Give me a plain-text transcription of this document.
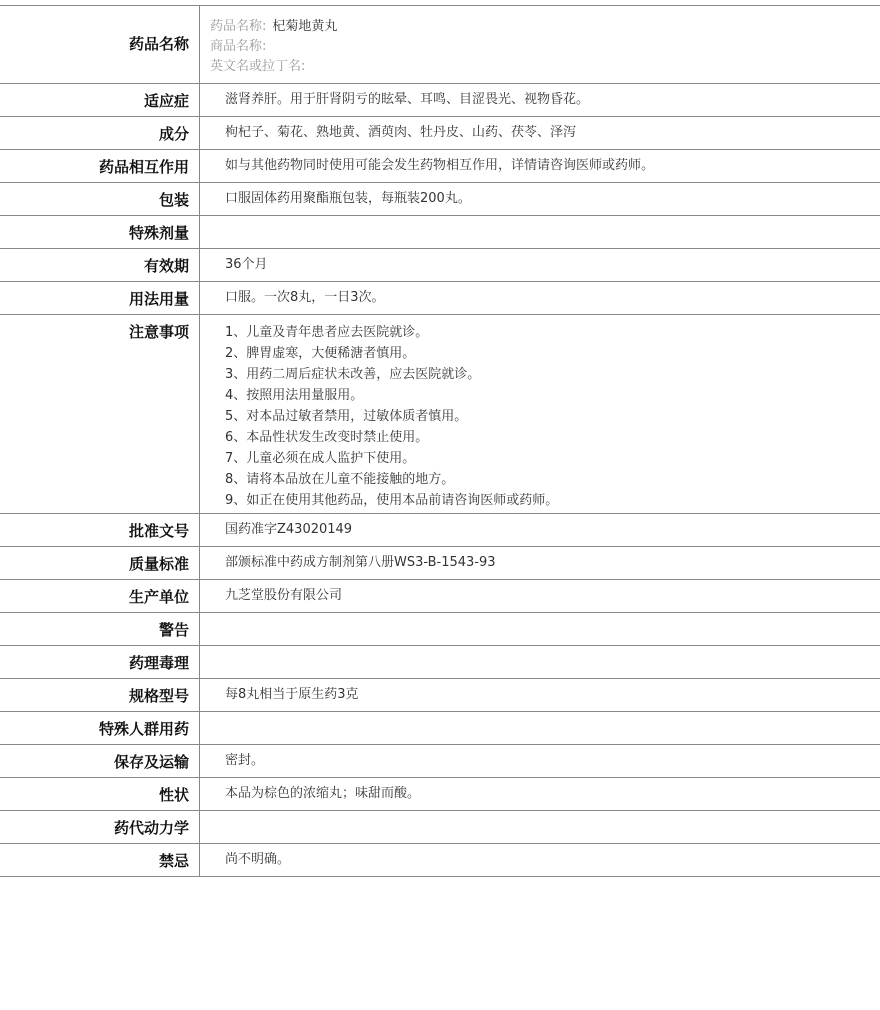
药品名称
药品名称: 杞菊地黄丸
商品名称:
英文名或拉丁名:
适应症	滋肾养肝。用于肝肾阴亏的眩晕、耳鸣、目涩畏光、视物昏花。
成分	枸杞子、菊花、熟地黄、酒萸肉、牡丹皮、山药、茯苓、泽泻
药品相互作用	如与其他药物同时使用可能会发生药物相互作用，详情请咨询医师或药师。
包装	口服固体药用聚酯瓶包装，每瓶装200丸。
特殊剂量
有效期	36个月
用法用量	口服。一次8丸，一日3次。
注意事项	1、儿童及青年患者应去医院就诊。
2、脾胃虚寒，大便稀溏者慎用。
3、用药二周后症状未改善，应去医院就诊。
4、按照用法用量服用。
5、对本品过敏者禁用，过敏体质者慎用。
6、本品性状发生改变时禁止使用。
7、儿童必须在成人监护下使用。
8、请将本品放在儿童不能接触的地方。
9、如正在使用其他药品，使用本品前请咨询医师或药师。
批准文号	国药准字Z43020149
质量标准	部颁标准中药成方制剂第八册WS3-B-1543-93
生产单位	九芝堂股份有限公司
警告
药理毒理
规格型号	每8丸相当于原生药3克
特殊人群用药
保存及运输	密封。
性状	本品为棕色的浓缩丸；味甜而酸。
药代动力学
禁忌	尚不明确。
